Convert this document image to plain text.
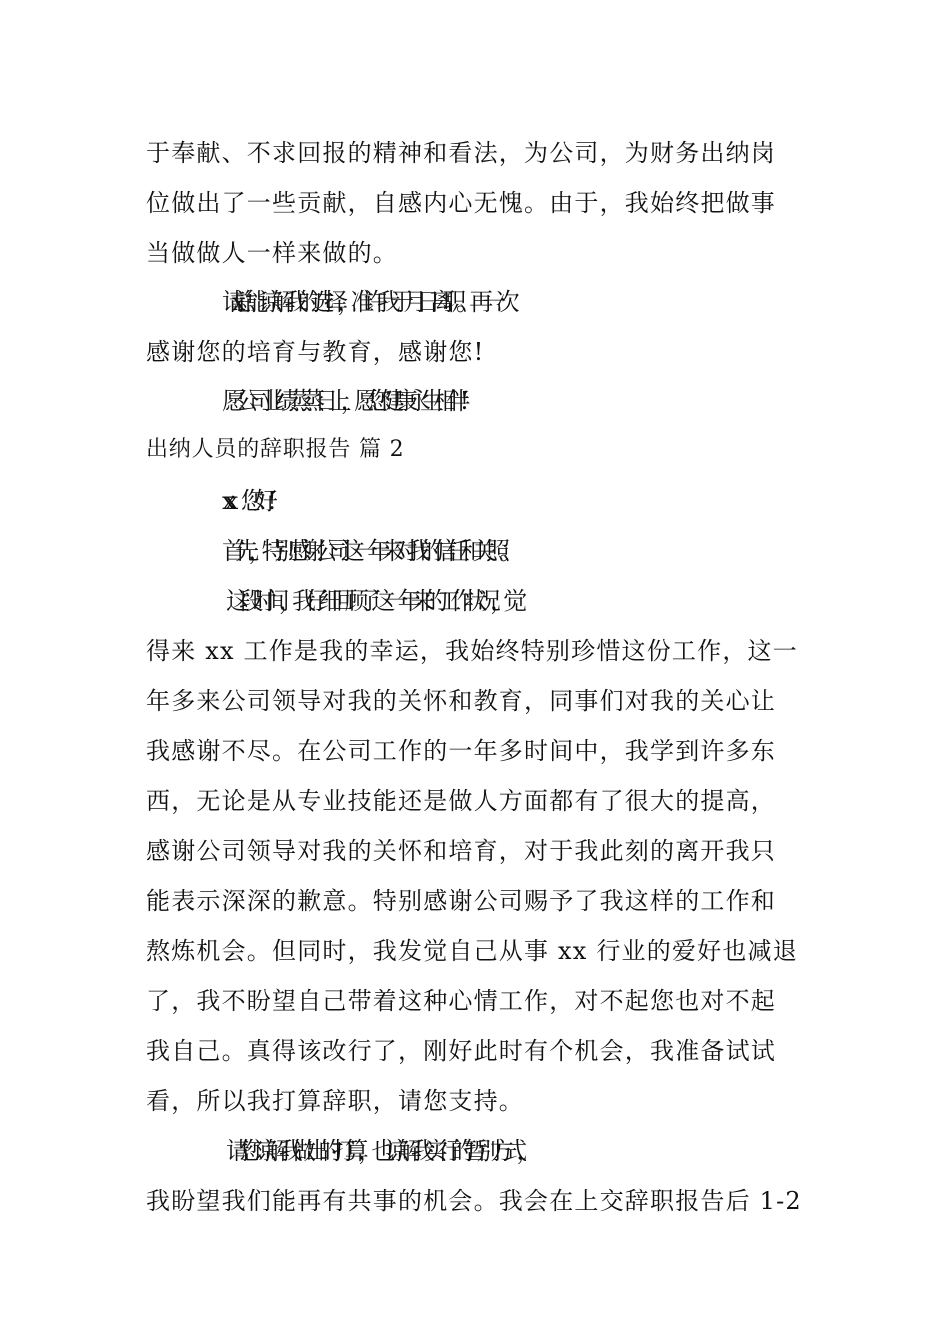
于奉献、不求回报的精神和看法，为公司，为财务出纳岗
位做出了一些贡献，自感内心无愧。由于，我始终把做事
当做做人一样来做的。
请 x 总能谅解我的选择，准许我于月日离职。再一次
感谢您的培育与教育，感谢您!
愿公司业绩蒸蒸日上，愿您健康永生相伴!
出纳人员的辞职报告 篇 2
xx：您好!
首先，特别感谢公司这一年来对我的信任和关照。
这段时间，我仔细回顾了这一年来的工作状况，觉
得来 xx 工作是我的幸运，我始终特别珍惜这份工作，这一
年多来公司领导对我的关怀和教育，同事们对我的关心让
我感谢不尽。在公司工作的一年多时间中，我学到许多东
西，无论是从专业技能还是做人方面都有了很大的提高，
感谢公司领导对我的关怀和培育，对于我此刻的离开我只
能表示深深的歉意。特别感谢公司赐予了我这样的工作和
熬炼机会。但同时，我发觉自己从事 xx 行业的爱好也减退
了，我不盼望自己带着这种心情工作，对不起您也对不起
我自己。真得该改行了，刚好此时有个机会，我准备试试
看，所以我打算辞职，请您支持。
请您谅解我做出的打算，也谅解我实行的暂别方式，
我盼望我们能再有共事的机会。我会在上交辞职报告后 1-2
